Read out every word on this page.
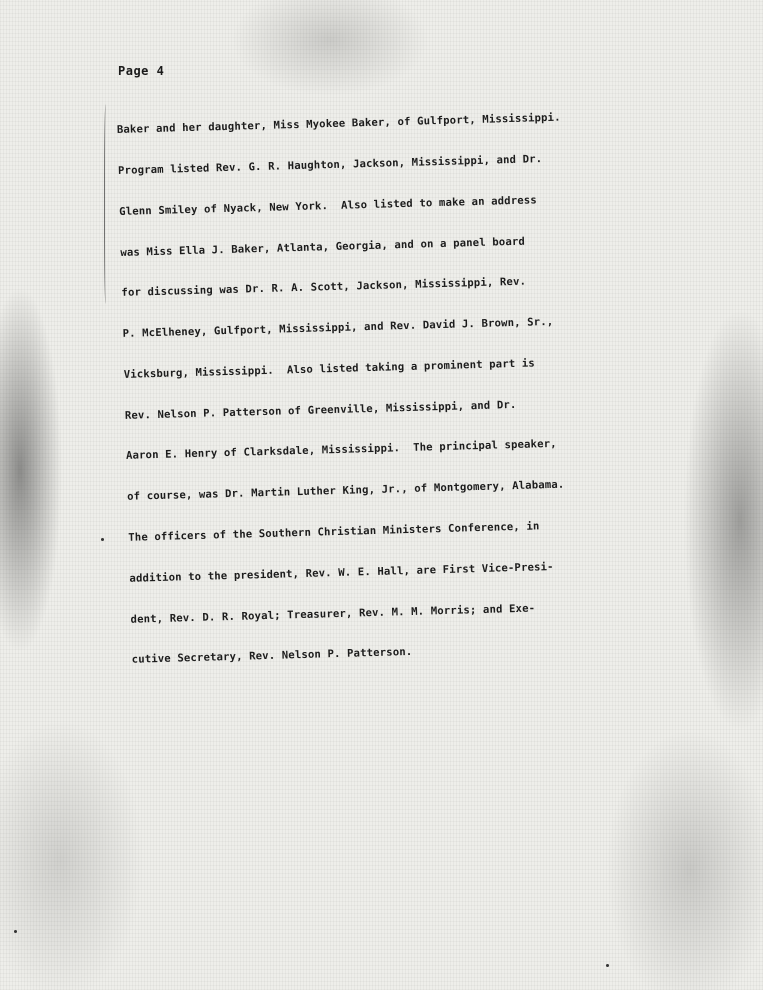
Page 4

Baker and her daughter, Miss Myokee Baker, of Gulfport, Mississippi.

Program listed Rev. G. R. Haughton, Jackson, Mississippi, and Dr.

Glenn Smiley of Nyack, New York.  Also listed to make an address

was Miss Ella J. Baker, Atlanta, Georgia, and on a panel board

for discussing was Dr. R. A. Scott, Jackson, Mississippi, Rev.

P. McElheney, Gulfport, Mississippi, and Rev. David J. Brown, Sr.,

Vicksburg, Mississippi.  Also listed taking a prominent part is

Rev. Nelson P. Patterson of Greenville, Mississippi, and Dr.

Aaron E. Henry of Clarksdale, Mississippi.  The principal speaker,

of course, was Dr. Martin Luther King, Jr., of Montgomery, Alabama.

The officers of the Southern Christian Ministers Conference, in

addition to the president, Rev. W. E. Hall, are First Vice-Presi-

dent, Rev. D. R. Royal; Treasurer, Rev. M. M. Morris; and Exe-

cutive Secretary, Rev. Nelson P. Patterson.
